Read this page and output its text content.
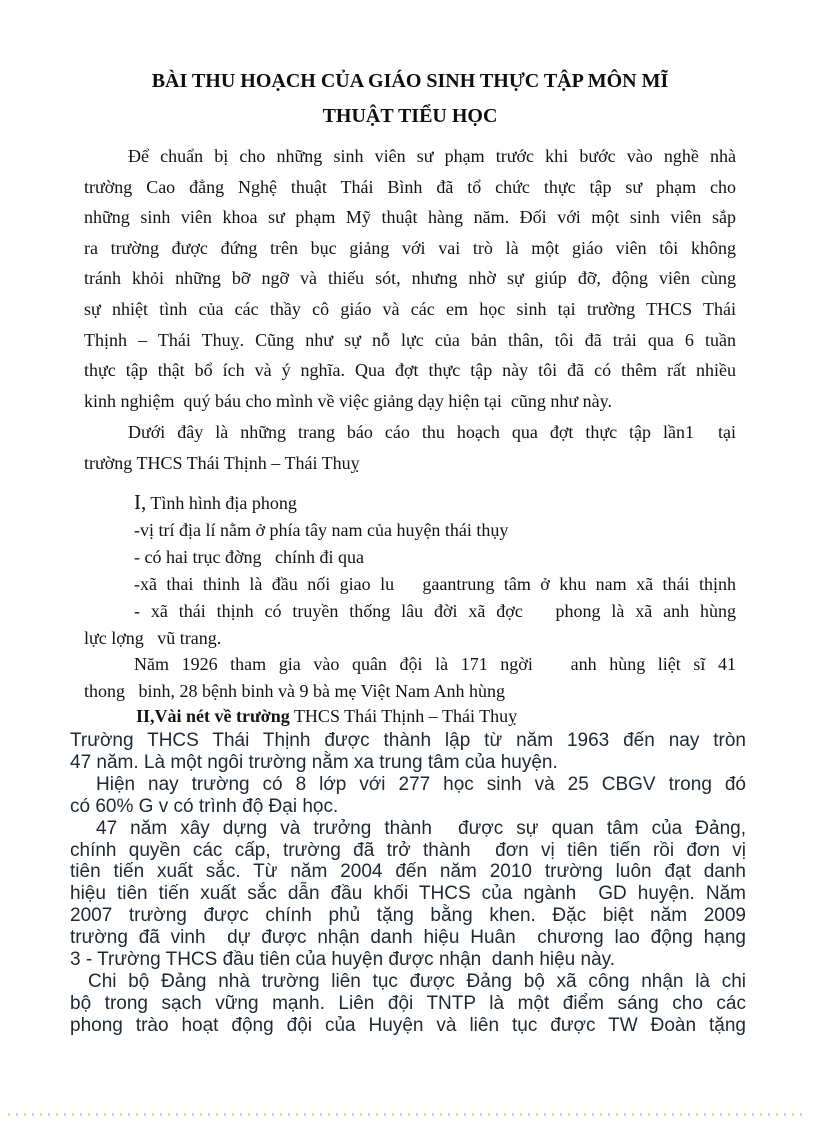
BÀI THU HOẠCH CỦA GIÁO SINH THỰC TẬP MÔN MĨ
THUẬT TIỂU HỌC
Để chuẩn bị cho những sinh viên sư phạm trước khi bước vào nghề nhà
trường Cao đẳng Nghệ thuật Thái Bình đã tổ chức thực tập sư phạm cho
những sinh viên khoa sư phạm Mỹ thuật hàng năm. Đối với một sinh viên sắp
ra trường được đứng trên bục giảng với vai trò là một giáo viên tôi không
tránh khỏi những bỡ ngỡ và thiếu sót, nhưng nhờ sự giúp đỡ, động viên cùng
sự nhiệt tình của các thầy cô giáo và các em học sinh tại trường THCS Thái
Thịnh – Thái Thuỵ. Cũng như sự nỗ lực của bản thân, tôi đã trải qua 6 tuần
thực tập thật bổ ích và ý nghĩa. Qua đợt thực tập này tôi đã có thêm rất nhiều
kinh nghiệm  quý báu cho mình về việc giảng dạy hiện tại  cũng như này.
Dưới đây là những trang báo cáo thu hoạch qua đợt thực tập lần1  tại
trường THCS Thái Thịnh – Thái Thuỵ
I, Tình hình địa phong
-vị trí địa lí nằm ở phía tây nam của huyện thái thụy
- có hai trục đờng   chính đi qua
-xã thai thinh là đầu nối giao lu   gaantrung tâm ở khu nam xã thái thịnh
- xã thái thịnh có truyền thống lâu đời xã đợc   phong là xã anh hùng
lực lợng   vũ trang.
Năm 1926 tham gia vào quân đội là 171 ngời   anh hùng liệt sĩ 41
thong   binh, 28 bệnh binh và 9 bà mẹ Việt Nam Anh hùng
II,Vài nét về trường THCS Thái Thịnh – Thái Thuỵ
Trường THCS Thái Thịnh được thành lập từ năm 1963 đến nay tròn
47 năm. Là một ngôi trường nằm xa trung tâm của huyện.
Hiện nay trường có 8 lớp với 277 học sinh và 25 CBGV trong đó
có 60% G v có trình độ Đại học.
47 năm xây dựng và trưởng thành  được sự quan tâm của Đảng,
chính quyền các cấp, trường đã trở thành  đơn vị tiên tiến rồi đơn vị
tiên tiến xuất sắc. Từ năm 2004 đến năm 2010 trường luôn đạt danh
hiệu tiên tiến xuất sắc dẫn đầu khối THCS của ngành  GD huyện. Năm
2007 trường được chính phủ tặng bằng khen. Đặc biệt năm 2009
trường đã vinh  dự được nhận danh hiệu Huân  chương lao động hạng
3 - Trường THCS đầu tiên của huyện được nhận  danh hiệu này.
Chi bộ Đảng nhà trường liên tục được Đảng bộ xã công nhận là chi
bộ trong sạch vững mạnh. Liên đội TNTP là một điểm sáng cho các
phong trào hoạt động đội của Huyện và liên tục được TW Đoàn tặng
